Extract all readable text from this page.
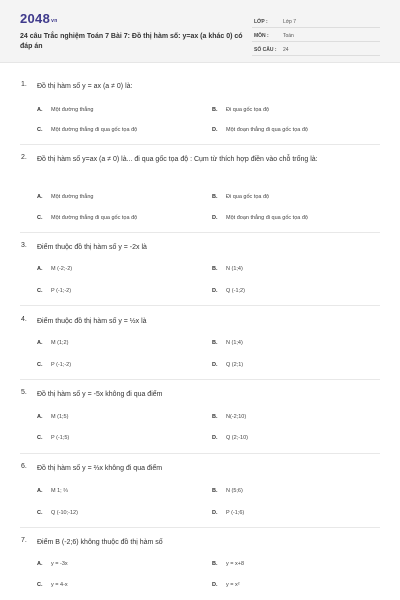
2048vn
24 câu Trắc nghiệm Toán 7 Bài 7: Đồ thị hàm số: y=ax (a khác 0) có đáp án
LỚP :	Lớp 7
MÔN :	Toán
SỐ CÂU : 24
1. Đồ thị hàm số y = ax (a ≠ 0) là:
A. Một đường thẳng	B. Đi qua gốc tọa độ
C. Một đường thẳng đi qua gốc tọa độ	D. Một đoạn thẳng đi qua gốc tọa độ
2. Đồ thị hàm số y=ax (a ≠ 0) là... đi qua gốc tọa độ : Cụm từ thích hợp điền vào chỗ trống là:
A. Một đường thẳng	B. Đi qua gốc tọa độ
C. Một đường thẳng đi qua gốc tọa độ	D. Một đoạn thẳng đi qua gốc tọa độ
3. Điểm thuộc đồ thị hàm số y = -2x là
A. M (-2;-2)	B. N (1;4)
C. P (-1;-2)	D. Q (-1;2)
4. Điểm thuộc đồ thị hàm số y = ½x là
A. M (1;2)	B. N (1;4)
C. P (-1;-2)	D. Q (2;1)
5. Đồ thị hàm số y = -5x không đi qua điểm
A. M (1;5)	B. N(-2;10)
C. P (-1;5)	D. Q (2;-10)
6. Đồ thị hàm số y = ⅔x không đi qua điểm
A. M 1; ⅔	B. N (5;6)
C. Q (-10;-12)	D. P (-1;6)
7. Điểm B (-2;6) không thuộc đồ thị hàm số
A. y = -3x	B. y = x+8
C. y = 4-x	D. y = x²
